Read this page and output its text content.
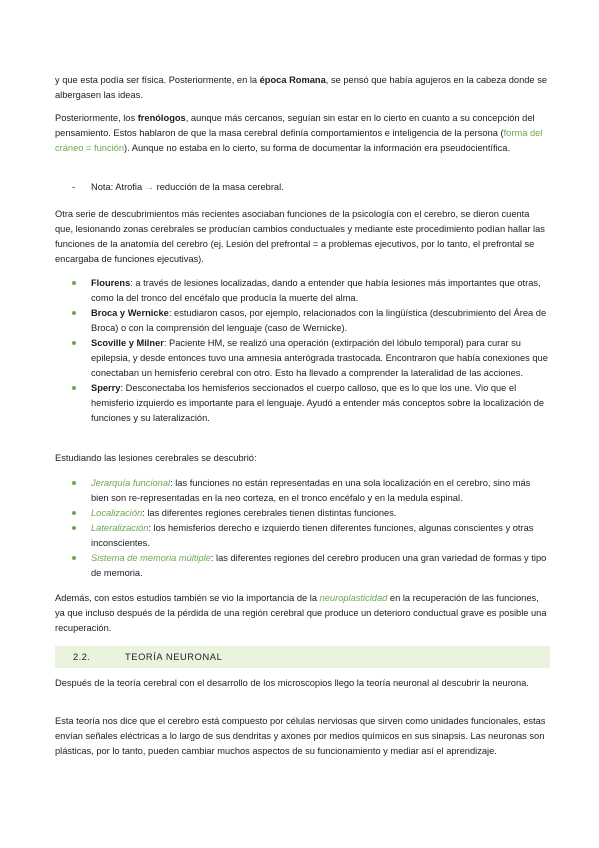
y que esta podía ser física. Posteriormente, en la época Romana, se pensó que había agujeros en la cabeza donde se albergasen las ideas.

Posteriormente, los frenólogos, aunque más cercanos, seguían sin estar en lo cierto en cuanto a su concepción del pensamiento. Estos hablaron de que la masa cerebral definía comportamientos e inteligencia de la persona (forma del cráneo = función). Aunque no estaba en lo cierto, su forma de documentar la información era pseudocientífica.

- Nota: Atrofia → reducción de la masa cerebral.

Otra serie de descubrimientos más recientes asociaban funciones de la psicología con el cerebro, se dieron cuenta que, lesionando zonas cerebrales se producían cambios conductuales y mediante este procedimiento podían hallar las funciones de la anatomía del cerebro (ej. Lesión del prefrontal = a problemas ejecutivos, por lo tanto, el prefrontal se encargaba de funciones ejecutivas).

Flourens: a través de lesiones localizadas, dando a entender que había lesiones más importantes que otras, como la del tronco del encéfalo que producía la muerte del alma.
Broca y Wernicke: estudiaron casos, por ejemplo, relacionados con la lingüística (descubrimiento del Área de Broca) o con la comprensión del lenguaje (caso de Wernicke).
Scoville y Milner: Paciente HM, se realizó una operación (extirpación del lóbulo temporal) para curar su epilepsia, y desde entonces tuvo una amnesia anterógrada trastocada. Encontraron que había conexiones que conectaban un hemisferio cerebral con otro. Esto ha llevado a comprender la lateralidad de las acciones.
Sperry: Desconectaba los hemisferios seccionados el cuerpo calloso, que es lo que los une. Vio que el hemisferio izquierdo es importante para el lenguaje. Ayudó a entender más conceptos sobre la localización de funciones y su lateralización.

Estudiando las lesiones cerebrales se descubrió:

Jerarquía funcional: las funciones no están representadas en una sola localización en el cerebro, sino más bien son re-representadas en la neo corteza, en el tronco encéfalo y en la medula espinal.
Localización: las diferentes regiones cerebrales tienen distintas funciones.
Lateralización: los hemisferios derecho e izquierdo tienen diferentes funciones, algunas conscientes y otras inconscientes.
Sistema de memoria múltiple: las diferentes regiones del cerebro producen una gran variedad de formas y tipo de memoria.

Además, con estos estudios también se vio la importancia de la neuroplasticidad en la recuperación de las funciones, ya que incluso después de la pérdida de una región cerebral que produce un deterioro conductual grave es posible una recuperación.

2.2.	TEORÍA NEURONAL

Después de la teoría cerebral con el desarrollo de los microscopios llego la teoría neuronal al descubrir la neurona.

Esta teoría nos dice que el cerebro está compuesto por células nerviosas que sirven como unidades funcionales, estas envían señales eléctricas a lo largo de sus dendritas y axones por medios químicos en sus sinapsis. Las neuronas son plásticas, por lo tanto, pueden cambiar muchos aspectos de su funcionamiento y mediar así el aprendizaje.
